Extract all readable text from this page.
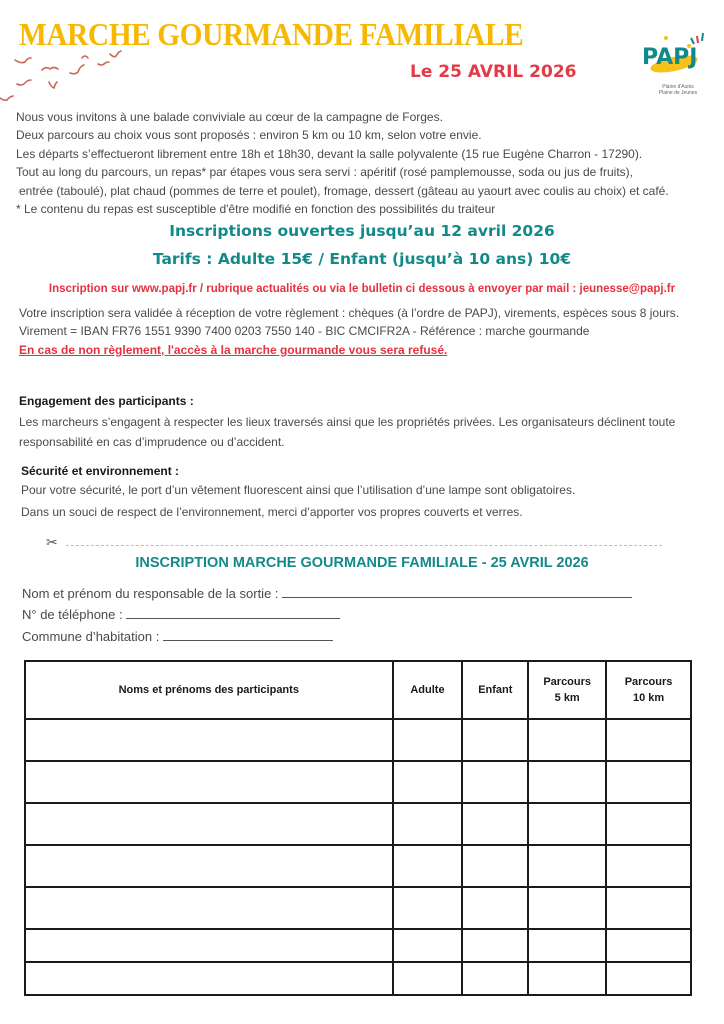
MARCHE GOURMANDE FAMILIALE
Le 25 AVRIL 2026
PAPJ
Plaine d'Aunis
Plaine de Jeunes
Nous vous invitons à une balade conviviale au cœur de la campagne de Forges.
Deux parcours au choix vous sont proposés : environ 5 km ou 10 km, selon votre envie.
Les départs s’effectueront librement entre 18h et 18h30, devant la salle polyvalente (15 rue Eugène Charron - 17290).
Tout au long du parcours, un repas* par étapes vous sera servi : apéritif (rosé pamplemousse, soda ou jus de fruits),
entrée (taboulé), plat chaud (pommes de terre et poulet), fromage, dessert (gâteau au yaourt avec coulis au choix) et café.
* Le contenu du repas est susceptible d'être modifié en fonction des possibilités du traiteur
Inscriptions ouvertes jusqu’au 12 avril 2026
Tarifs : Adulte 15€ / Enfant (jusqu’à 10 ans) 10€
Inscription sur www.papj.fr / rubrique actualités ou via le bulletin ci dessous à envoyer par mail : jeunesse@papj.fr
Votre inscription sera validée à réception de votre règlement : chèques (à l’ordre de PAPJ), virements, espèces sous 8 jours.
Virement = IBAN FR76 1551 9390 7400 0203 7550 140 - BIC CMCIFR2A - Référence : marche gourmande
En cas de non règlement, l'accès à la marche gourmande vous sera refusé.
Engagement des participants :
Les marcheurs s’engagent à respecter les lieux traversés ainsi que les propriétés privées. Les organisateurs déclinent toute responsabilité en cas d’imprudence ou d’accident.
Sécurité et environnement :
Pour votre sécurité, le port d’un vêtement fluorescent ainsi que l’utilisation d’une lampe sont obligatoires.
Dans un souci de respect de l’environnement, merci d’apporter vos propres couverts et verres.
✂
INSCRIPTION MARCHE GOURMANDE FAMILIALE - 25 AVRIL 2026
Nom et prénom du responsable de la sortie :
N° de téléphone :
Commune d’habitation :
Noms et prénoms des participants	Adulte	Enfant	Parcours 5 km	Parcours 10 km
